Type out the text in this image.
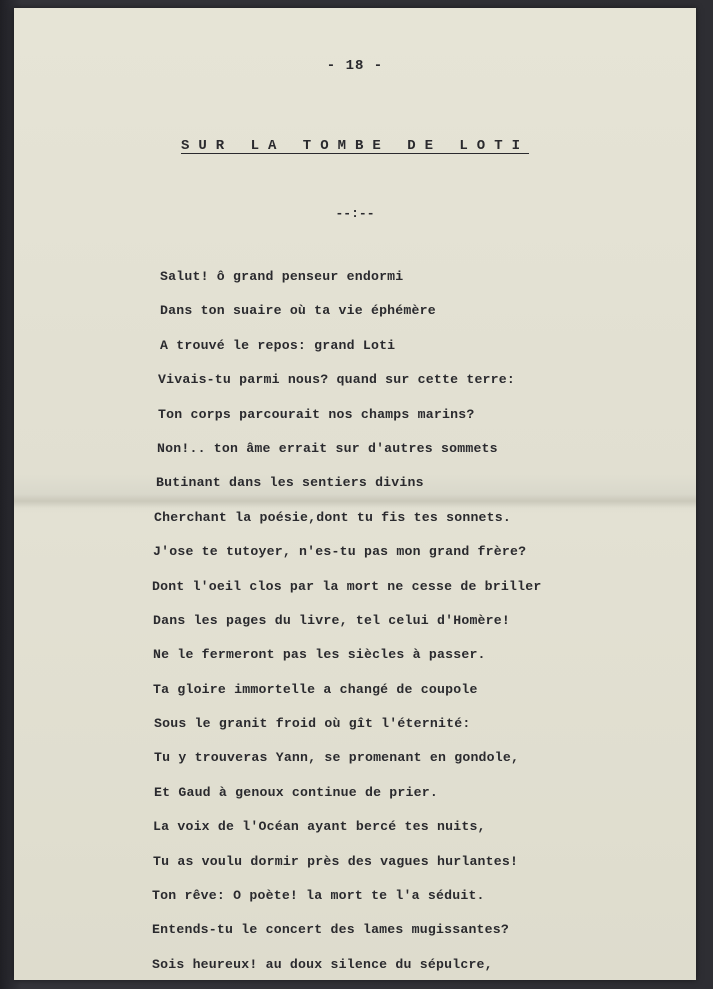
- 18 -
SUR LA TOMBE DE LOTI
--:--
Salut! ô grand penseur endormi
Dans ton suaire où ta vie éphémère
A trouvé le repos: grand Loti
Vivais-tu parmi nous? quand sur cette terre:
Ton corps parcourait nos champs marins?
Non!.. ton âme errait sur d'autres sommets
Butinant dans les sentiers divins
Cherchant la poésie,dont tu fis tes sonnets.
J'ose te tutoyer, n'es-tu pas mon grand frère?
Dont l'oeil clos par la mort ne cesse de briller
Dans les pages du livre, tel celui d'Homère!
Ne le fermeront pas les siècles à passer.
Ta gloire immortelle a changé de coupole
Sous le granit froid où gît l'éternité:
Tu y trouveras Yann, se promenant en gondole,
Et Gaud à genoux continue de prier.
La voix de l'Océan ayant bercé tes nuits,
Tu as voulu dormir près des vagues hurlantes!
Ton rêve: O poète! la mort te l'a séduit.
Entends-tu le concert des lames mugissantes?
Sois heureux! au doux silence du sépulcre,
